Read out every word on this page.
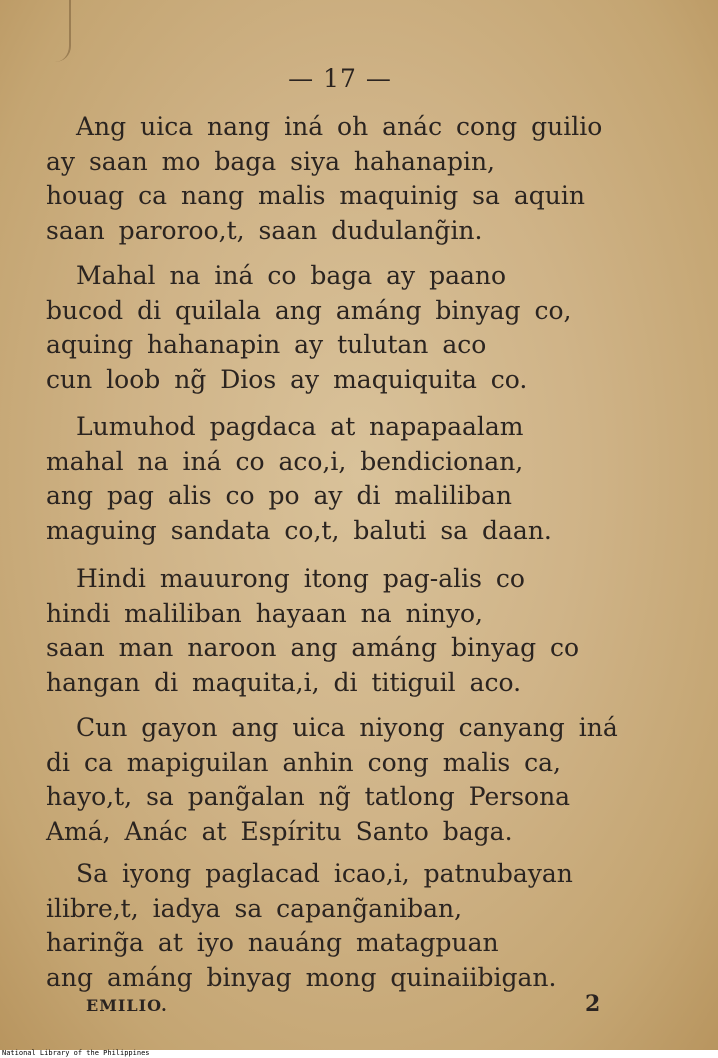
— 17 —
Ang uica nang iná oh anác cong guilio
ay saan mo baga siya hahanapin,
houag ca nang malis maquinig sa aquin
saan paroroo,t, saan dudulang̃in.
Mahal na iná co baga ay paano
bucod di quilala ang amáng binyag co,
aquing hahanapin ay tulutan aco
cun loob ng̃ Dios ay maquiquita co.
Lumuhod pagdaca at napapaalam
mahal na iná co aco,i, bendicionan,
ang pag alis co po ay di maliliban
maguing sandata co,t, baluti sa daan.
Hindi mauurong itong pag-alis co
hindi maliliban hayaan na ninyo,
saan man naroon ang amáng binyag co
hangan di maquita,i, di titiguil aco.
Cun gayon ang uica niyong canyang iná
di ca mapiguilan anhin cong malis ca,
hayo,t, sa pang̃alan ng̃ tatlong Persona
Amá, Anác at Espíritu Santo baga.
Sa iyong paglacad icao,i, patnubayan
ilibre,t, iadya sa capang̃aniban,
haring̃a at iyo nauáng matagpuan
ang amáng binyag mong quinaiibigan.
EMILIO.	2
National Library of the Philippines
